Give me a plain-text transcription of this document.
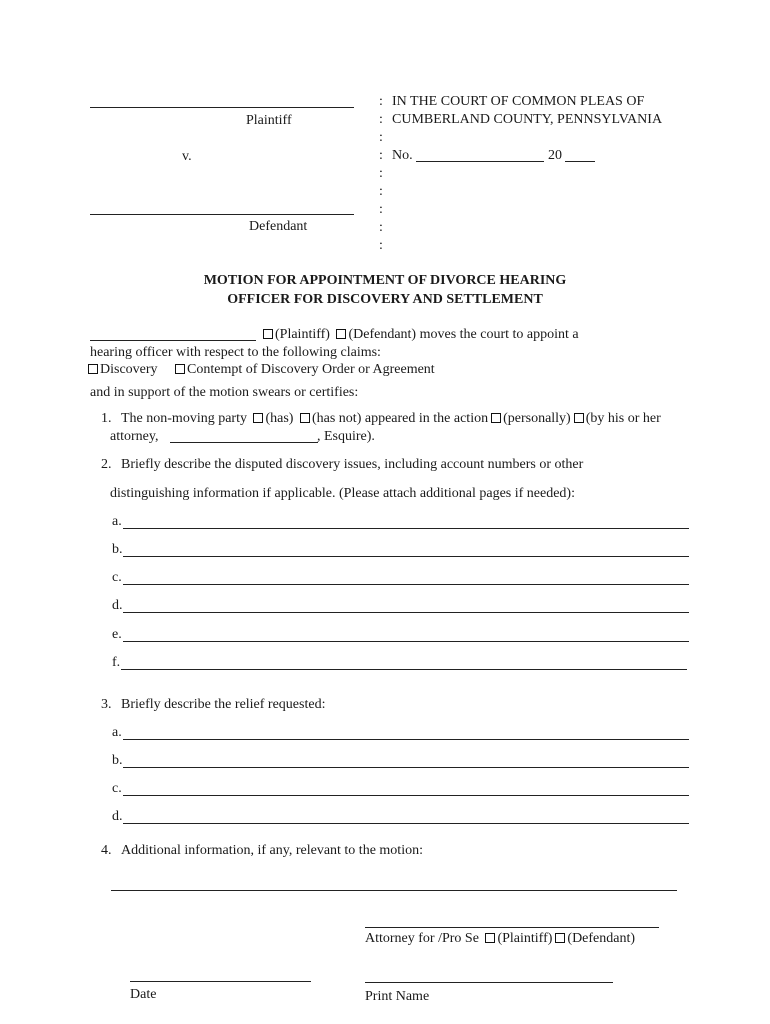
Plaintiff
v.
Defendant
:
:
:
:
:
:
:
:
:
IN THE COURT OF COMMON PLEAS OF
CUMBERLAND COUNTY, PENNSYLVANIA
No.	20
MOTION FOR APPOINTMENT OF DIVORCE HEARING
OFFICER FOR DISCOVERY AND SETTLEMENT
(Plaintiff) (Defendant) moves the court to appoint a
hearing officer with respect to the following claims:
Discovery Contempt of Discovery Order or Agreement
and in support of the motion swears or certifies:
1. The non-moving party (has) (has not) appeared in the action (personally) (by his or her
attorney,	, Esquire).
2. Briefly describe the disputed discovery issues, including account numbers or other
distinguishing information if applicable. (Please attach additional pages if needed):
a.
b.
c.
d.
e.
f.
3. Briefly describe the relief requested:
a.
b.
c.
d.
4. Additional information, if any, relevant to the motion:
Attorney for /Pro Se (Plaintiff) (Defendant)
Date	Print Name
